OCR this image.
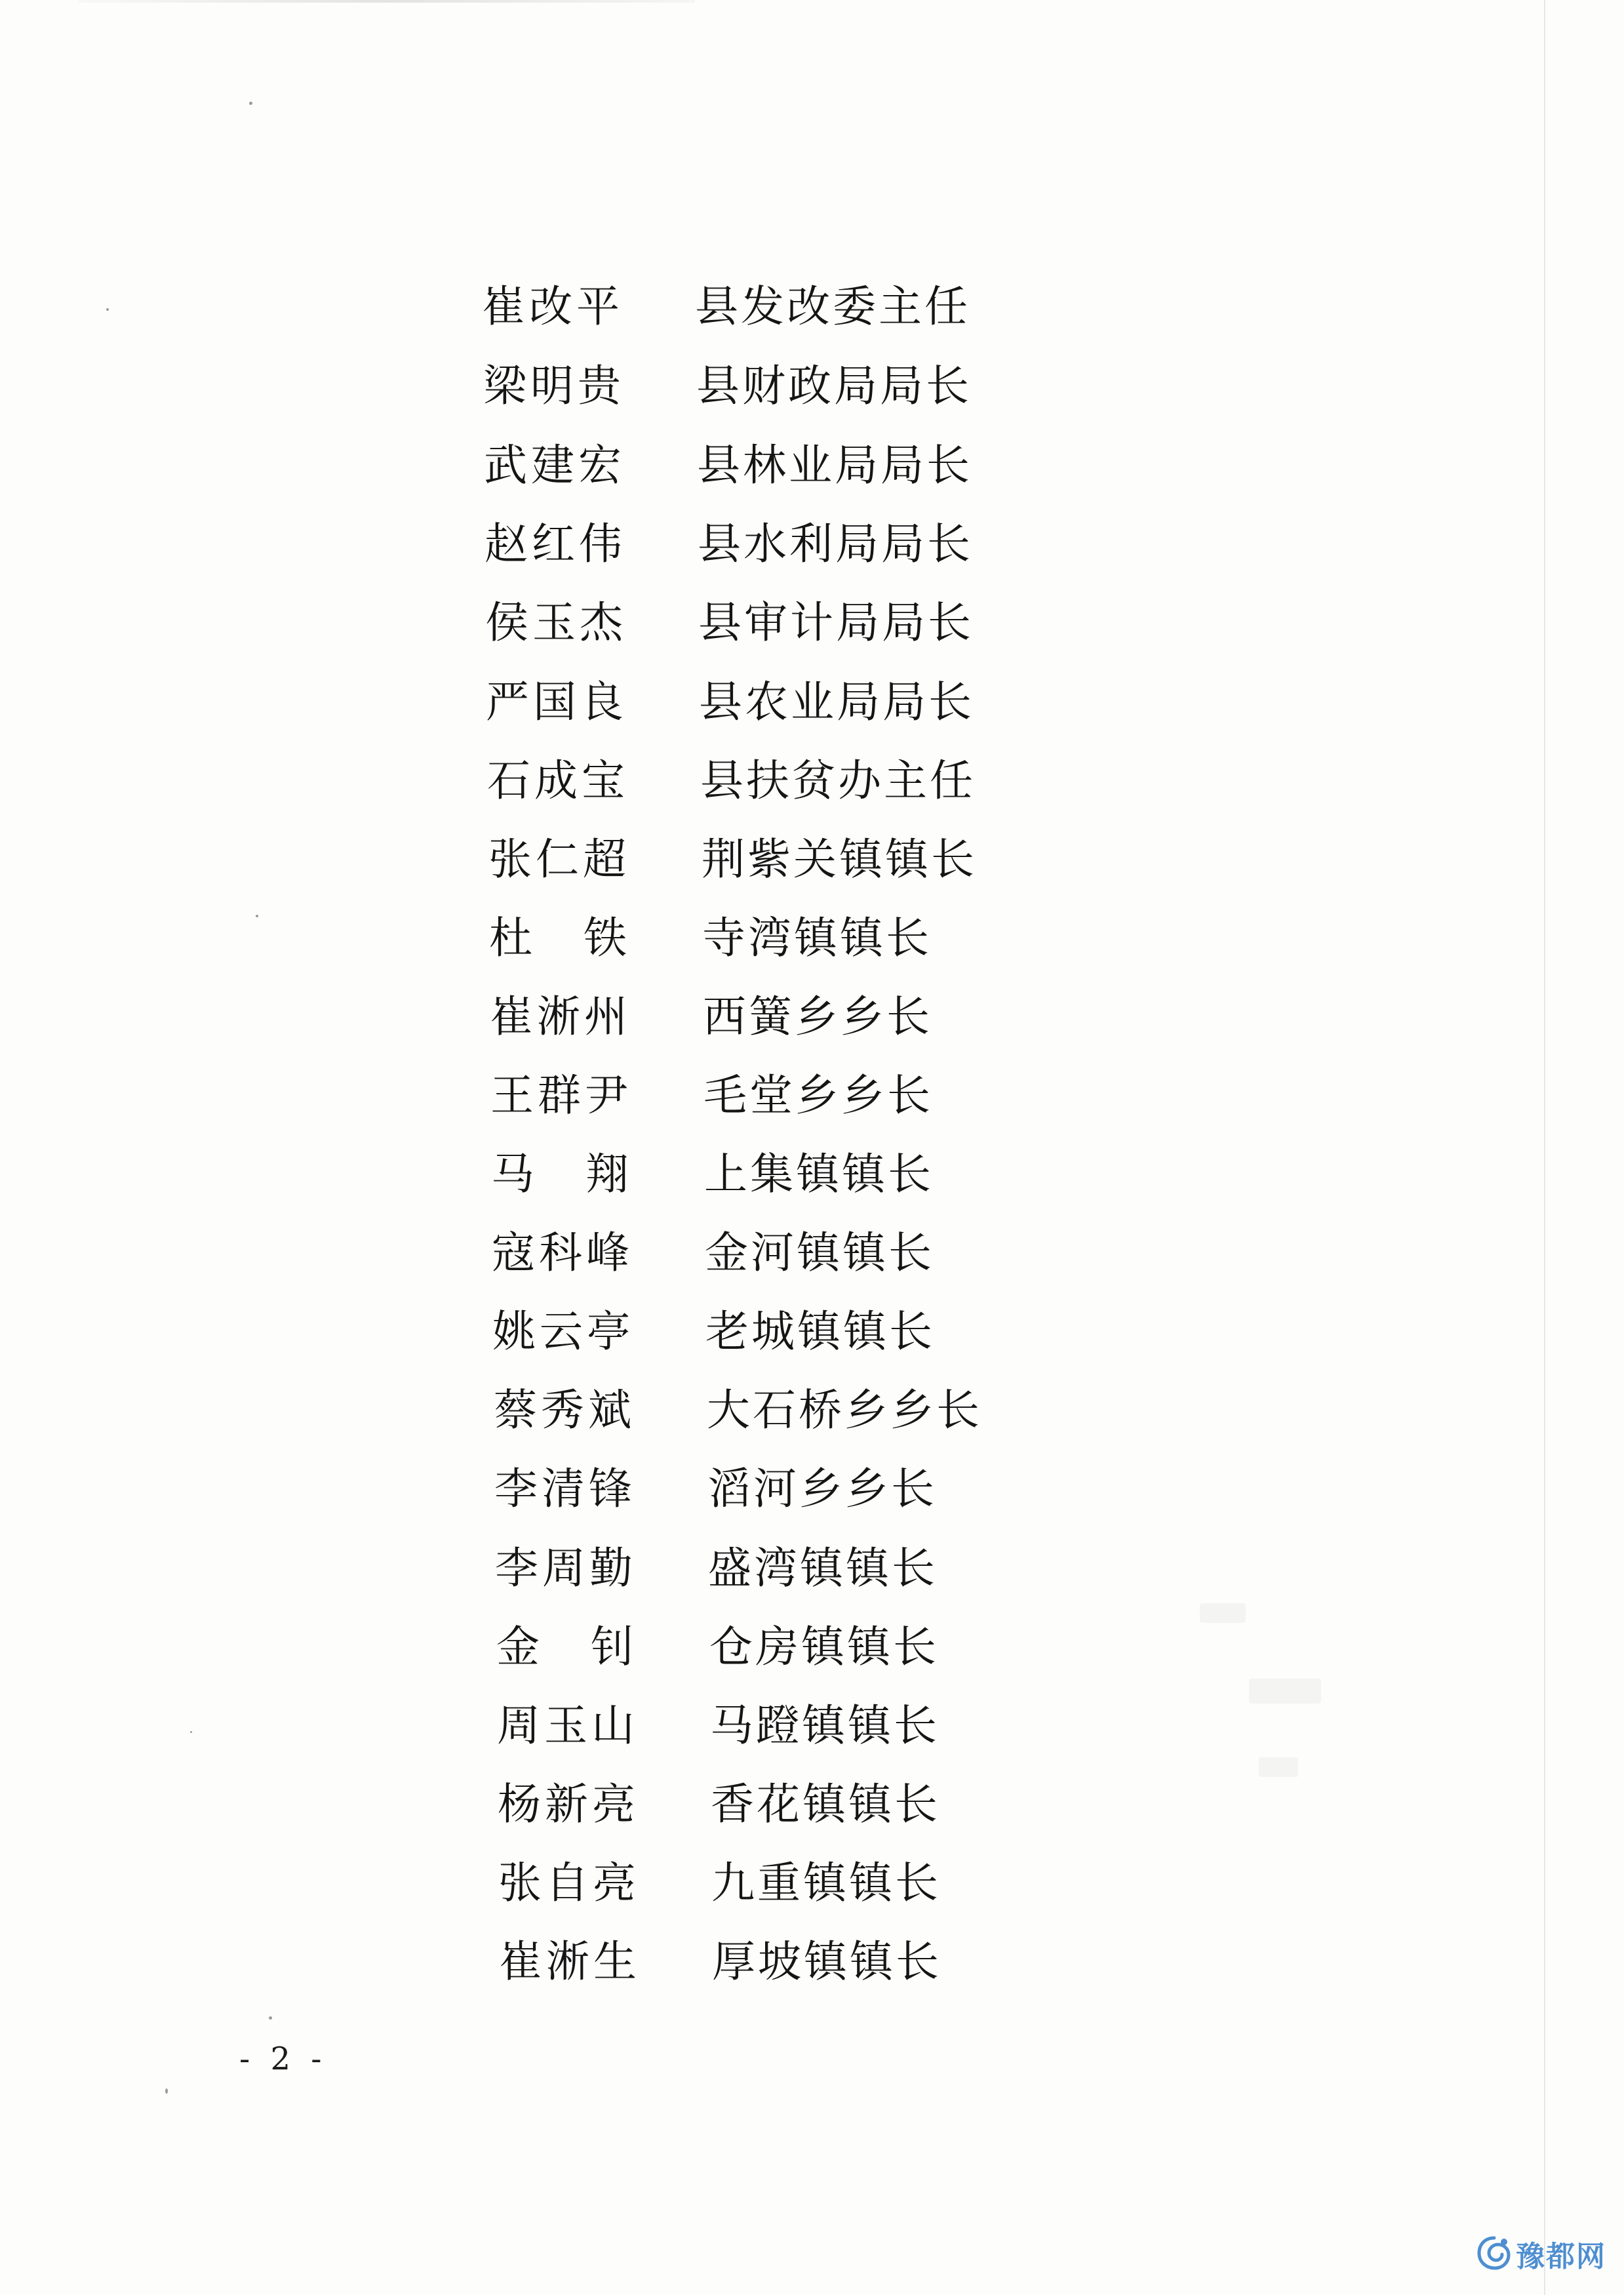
崔改平 县发改委主任
梁明贵 县财政局局长
武建宏 县林业局局长
赵红伟 县水利局局长
侯玉杰 县审计局局长
严国良 县农业局局长
石成宝 县扶贫办主任
张仁超 荆紫关镇镇长
杜　铁 寺湾镇镇长
崔淅州 西簧乡乡长
王群尹 毛堂乡乡长
马　翔 上集镇镇长
寇科峰 金河镇镇长
姚云亭 老城镇镇长
蔡秀斌 大石桥乡乡长
李清锋 滔河乡乡长
李周勤 盛湾镇镇长
金　钊 仓房镇镇长
周玉山 马蹬镇镇长
杨新亮 香花镇镇长
张自亮 九重镇镇长
崔淅生 厚坡镇镇长
- 2 -
豫都网
